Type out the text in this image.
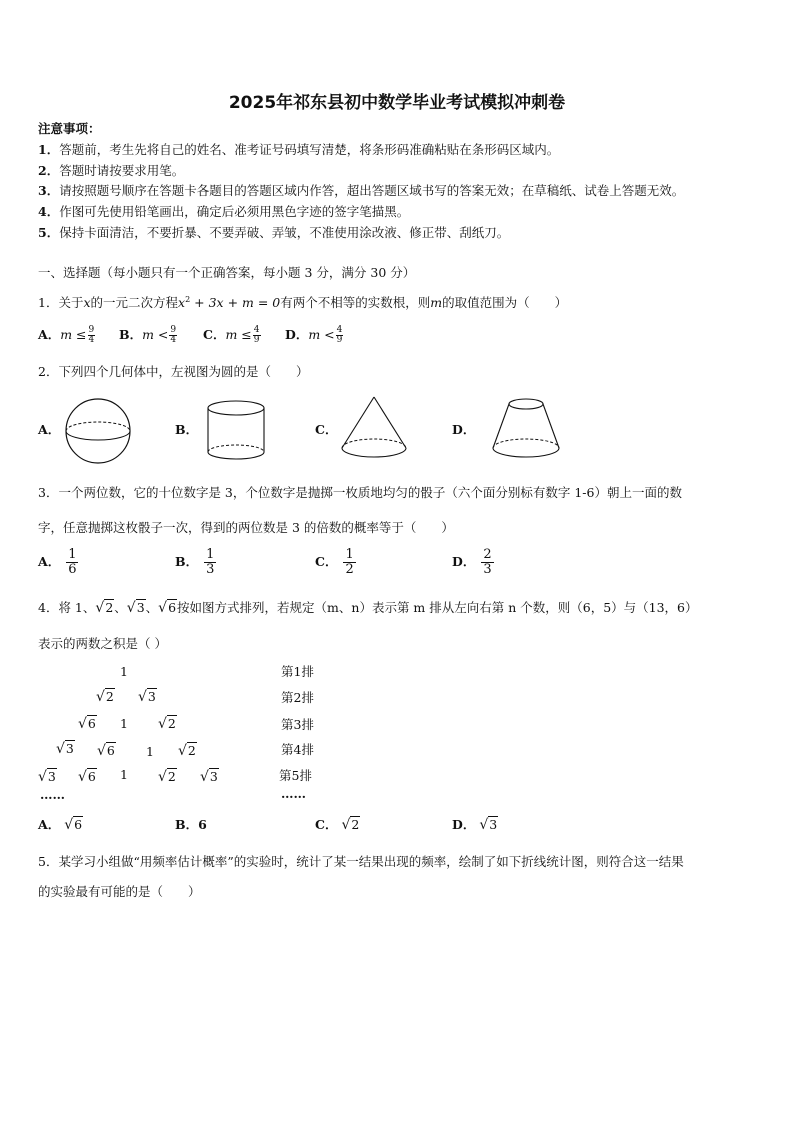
2025年祁东县初中数学毕业考试模拟冲刺卷
注意事项：
1．答题前，考生先将自己的姓名、准考证号码填写清楚，将条形码准确粘贴在条形码区域内。
2．答题时请按要求用笔。
3．请按照题号顺序在答题卡各题目的答题区域内作答，超出答题区域书写的答案无效；在草稿纸、试卷上答题无效。
4．作图可先使用铅笔画出，确定后必须用黑色字迹的签字笔描黑。
5．保持卡面清洁，不要折暴、不要弄破、弄皱，不准使用涂改液、修正带、刮纸刀。
一、选择题（每小题只有一个正确答案，每小题 3 分，满分 30 分）
1．关于x的一元二次方程$x^2 + 3x + m = 0$有两个不相等的实数根，则m的取值范围为（　　）
A．$m \le \frac{9}{4}$ B．$m < \frac{9}{4}$ C．$m \le \frac{4}{9}$ D．$m < \frac{4}{9}$
2．下列四个几何体中，左视图为圆的是（　　）
A．	B．	C．	D．
3．一个两位数，它的十位数字是 3，个位数字是抛掷一枚质地均匀的骰子（六个面分别标有数字 1-6）朝上一面的数
字，任意抛掷这枚骰子一次，得到的两位数是 3 的倍数的概率等于（　　）
A． $\frac{1}{6}$	B． $\frac{1}{3}$	C． $\frac{1}{2}$	D． $\frac{2}{3}$
4．将 1、√2、√3、√6按如图方式排列，若规定（m、n）表示第 m 排从左向右第 n 个数，则（6，5）与（13，6）
表示的两数之积是（ ）
1
√2 √3
√6 1 √2
√3 √6 1 √2
√3 √6 1 √2 √3
……
第1排
第2排
第3排
第4排
第5排
……
A． √6	B．6	C． √2	D． √3
5．某学习小组做“用频率估计概率”的实验时，统计了某一结果出现的频率，绘制了如下折线统计图，则符合这一结果
的实验最有可能的是（　　）
